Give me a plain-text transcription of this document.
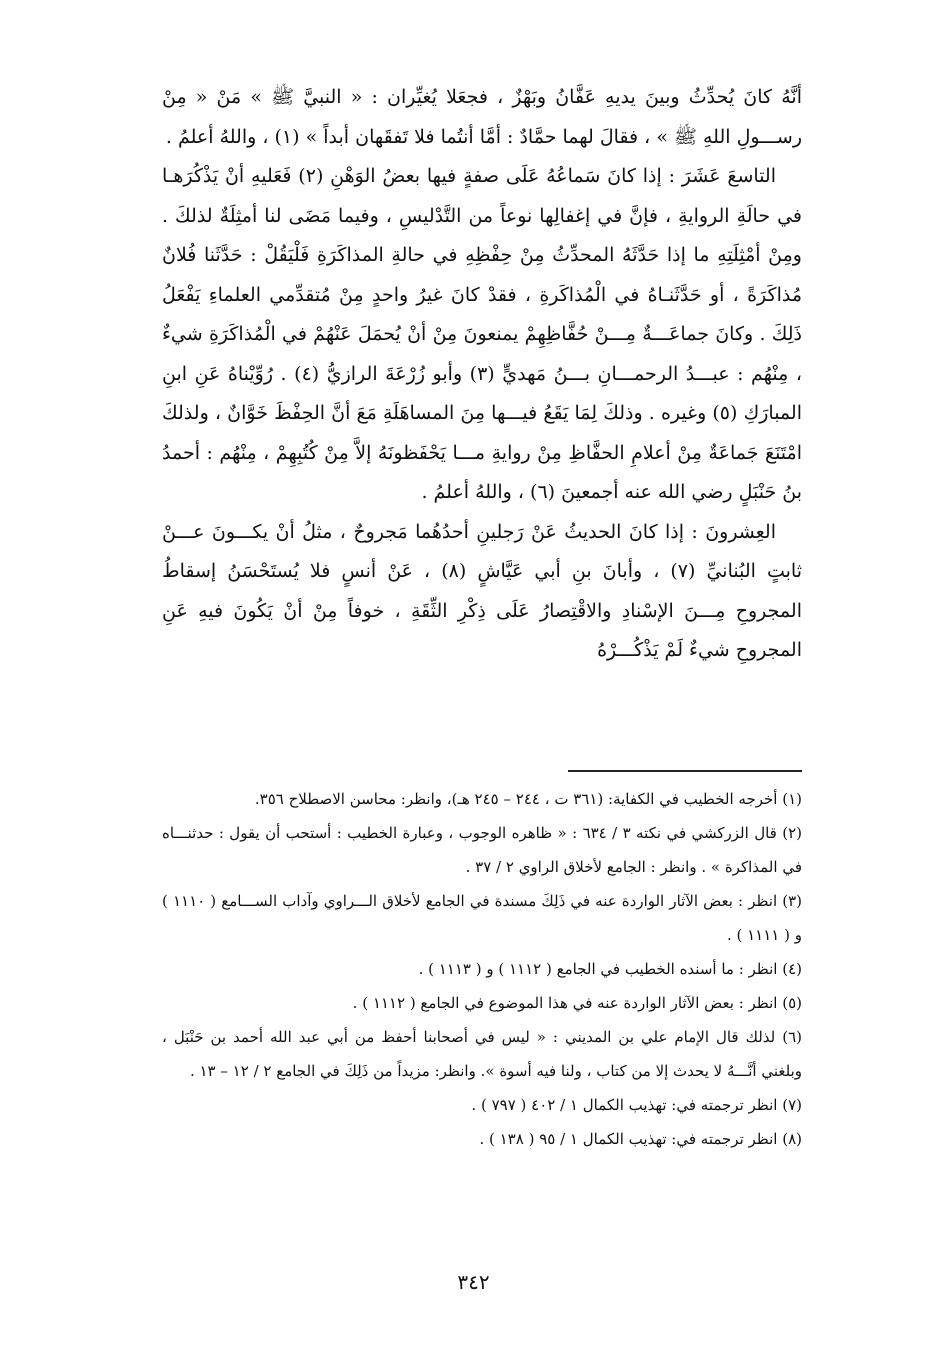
أنَّهُ كانَ يُحدِّثُ وبينَ يديهِ عَفَّانُ وبَهْزٌ ، فجعَلا يُغيِّران : « النبيَّ ﷺ » مَنْ « مِنْ رســـولِ اللهِ ﷺ » ، فقالَ لهما حمَّادٌ : أمَّا أنتُما فلا تَفقَهان أبداً » (١) ، واللهُ أعلمُ .

التاسعَ عَشَرَ : إذا كانَ سَماعُهُ عَلَى صفةٍ فيها بعضُ الوَهْنِ (٢) فَعَليهِ أنْ يَذْكُرَهـا في حالَةِ الروايةِ ، فإنَّ في إغفالِها نوعاً من التَّدْليسِ ، وفيما مَضَى لنا أمثِلَةٌ لذلكَ . ومِنْ أمْثِلَتِهِ ما إذا حَدَّثَهُ المحدِّثُ مِنْ حِفْظِهِ في حالةِ المذاكَرَةِ فَلْيَقُلْ : حَدَّثَنا فُلانٌ مُذاكَرَةً ، أو حَدَّثَنـاهُ في الْمُذاكَرةِ ، فقدْ كانَ غيرُ واحدٍ مِنْ مُتقدِّمي العلماءِ يَفْعَلُ ذَلِكَ . وكانَ جماعَـــةٌ مِـــنْ حُفَّاظِهِمْ يمنعونَ مِنْ أنْ يُحمَلَ عَنْهُمْ في الْمُذاكَرَةِ شيءٌ ، مِنْهُم : عبـــدُ الرحمـــانِ بـــنُ مَهديٍّ (٣) وأبو زُرْعَةَ الرازيُّ (٤) . رُوِّيْناهُ عَنِ ابنِ المبارَكِ (٥) وغيره . وذلكَ لِمَا يَقَعُ فيـــها مِنَ المساهَلَةِ مَعَ أنَّ الحِفْظَ خَوَّانٌ ، ولذلكَ امْتَنَعَ جَماعَةٌ مِنْ أعلامِ الحفَّاظِ مِنْ روايةِ مـــا يَحْفَظونَهُ إلاَّ مِنْ كُتُبِهِمْ ، مِنْهُم : أحمدُ بنُ حَنْبَلٍ رضي الله عنه أجمعينَ (٦) ، واللهُ أعلمُ .

العِشرونَ : إذا كانَ الحديثُ عَنْ رَجلينِ أحدُهُما مَجروحٌ ، مثلُ أنْ يكـــونَ عـــنْ ثابتٍ البُنانيِّ (٧) ، وأبانَ بنِ أبي عَيَّاشٍ (٨) ، عَنْ أنسٍ فلا يُستَحْسَنُ إسقاطُ المجروحِ مِـــنَ الإسْنادِ والاقْتِصارُ عَلَى ذِكْرِ الثِّقَةِ ، خوفاً مِنْ أنْ يَكُونَ فيهِ عَنِ المجروحِ شيءٌ لَمْ يَذْكُـــرْهُ

(١) أخرجه الخطيب في الكفاية: (٣٦١ ت ، ٢٤٤ – ٢٤٥ هـ)، وانظر: محاسن الاصطلاح ٣٥٦.

(٢) قال الزركشي في نكته ٣ / ٦٣٤ : « ظاهره الوجوب ، وعبارة الخطيب : أستحب أن يقول : حدثنـــاه في المذاكرة » . وانظر : الجامع لأخلاق الراوي ٢ / ٣٧ .

(٣) انظر : بعض الآثار الواردة عنه في ذَلِكَ مسندة في الجامع لأخلاق الـــراوي وآداب الســـامع ( ١١١٠ ) و ( ١١١١ ) .

(٤) انظر : ما أسنده الخطيب في الجامع ( ١١١٢ ) و ( ١١١٣ ) .

(٥) انظر : بعض الآثار الواردة عنه في هذا الموضوع في الجامع ( ١١١٢ ) .

(٦) لذلك قال الإمام علي بن المديني : « ليس في أصحابنا أحفظ من أبي عبد الله أحمد بن حَنْبَل ، وبلغني أنَّـــهُ لا يحدث إلا من كتاب ، ولنا فيه أسوة ». وانظر: مزيداً من ذَلِكَ في الجامع ٢ / ١٢ – ١٣ .

(٧) انظر ترجمته في: تهذيب الكمال ١ / ٤٠٢ ( ٧٩٧ ) .

(٨) انظر ترجمته في: تهذيب الكمال ١ / ٩٥ ( ١٣٨ ) .

٣٤٢
